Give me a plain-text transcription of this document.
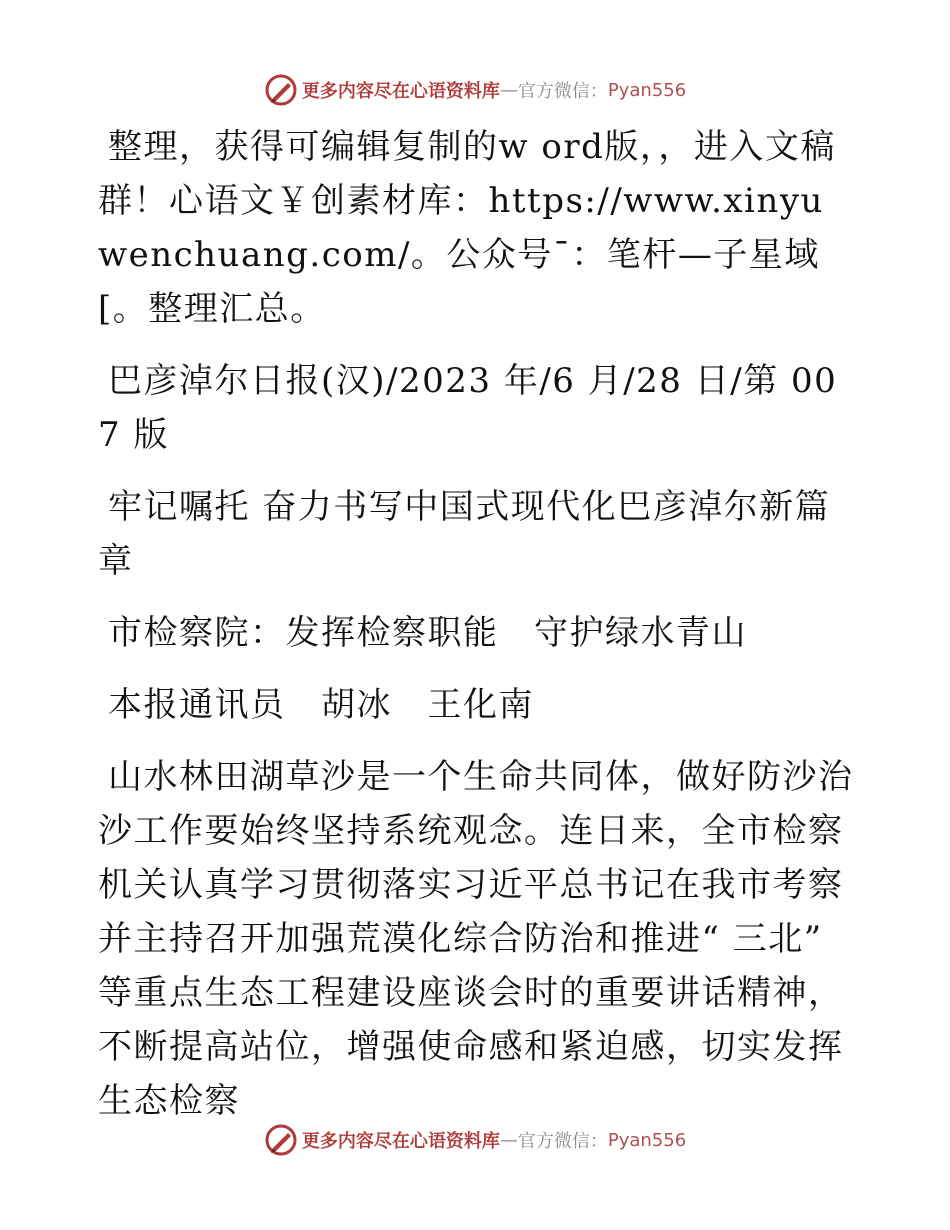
更多内容尽在心语资料库 — 官方微信： Pyan556

整理，获得可编辑复制的w ord版，，进入文稿群！心语文￥创素材库：https://www.xinyuwenchuang.com/。公众号¯：笔杆—子星域[。整理汇总。

巴彦淖尔日报(汉)/2023 年/6 月/28 日/第 007 版

牢记嘱托 奋力书写中国式现代化巴彦淖尔新篇章

市检察院：发挥检察职能　守护绿水青山

本报通讯员　胡冰　王化南

山水林田湖草沙是一个生命共同体，做好防沙治沙工作要始终坚持系统观念。连日来，全市检察机关认真学习贯彻落实习近平总书记在我市考察并主持召开加强荒漠化综合防治和推进“ 三北” 等重点生态工程建设座谈会时的重要讲话精神，不断提高站位，增强使命感和紧迫感，切实发挥生态检察

更多内容尽在心语资料库 — 官方微信： Pyan556
